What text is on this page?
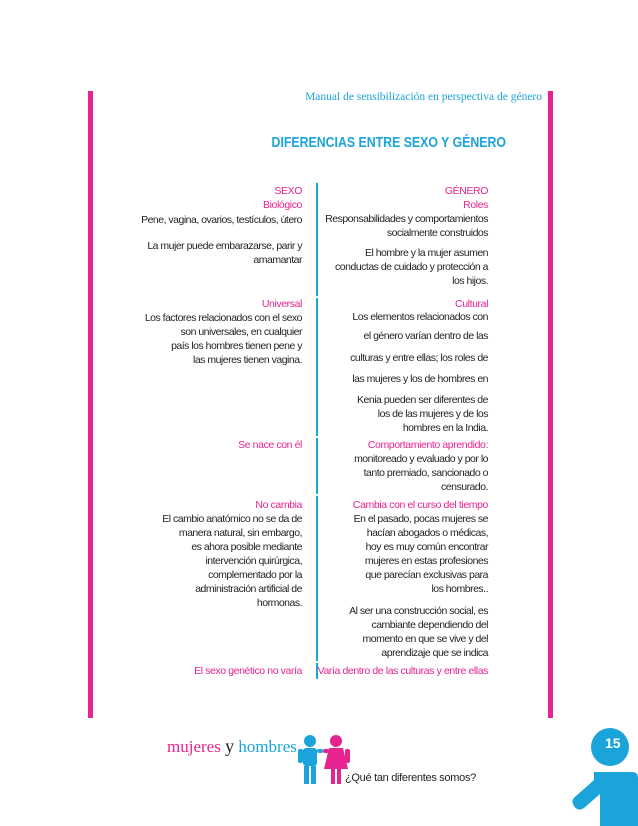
Manual de sensibilización en perspectiva de género
DIFERENCIAS ENTRE SEXO Y GÉNERO
SEXO
Biológico
Pene, vagina, ovarios, testículos, útero
La mujer puede embarazarse, parir y
amamantar
Universal
Los factores relacionados con el sexo
son universales, en cualquier
país los hombres tienen pene y
las mujeres tienen vagina.
Se nace con él
No cambia
El cambio anatómico no se da de
manera natural, sin embargo,
es ahora posible mediante
intervención quirúrgica,
complementado por la
administración artificial de
hormonas.
El sexo genético no varía
GÉNERO
Roles
Responsabilidades y comportamientos
socialmente construidos
El hombre y la mujer asumen
conductas de cuidado y protección a
los hijos.
Cultural
Los elementos relacionados con
el género varían dentro de las
culturas y entre ellas; los roles de
las mujeres y los de hombres en
Kenia pueden ser diferentes de
los de las mujeres y de los
hombres en la India.
Comportamiento aprendido:
monitoreado y evaluado y por lo
tanto premiado, sancionado o
censurado.
Cambia con el curso del tiempo
En el pasado, pocas mujeres se
hacían abogados o médicas,
hoy es muy común encontrar
mujeres en estas profesiones
que parecían exclusivas para
los hombres..
Al ser una construcción social, es
cambiante dependiendo del
momento en que se vive y del
aprendizaje que se indica
Varía dentro de las culturas y entre ellas
mujeres y hombres
¿Qué tan diferentes somos?
15
